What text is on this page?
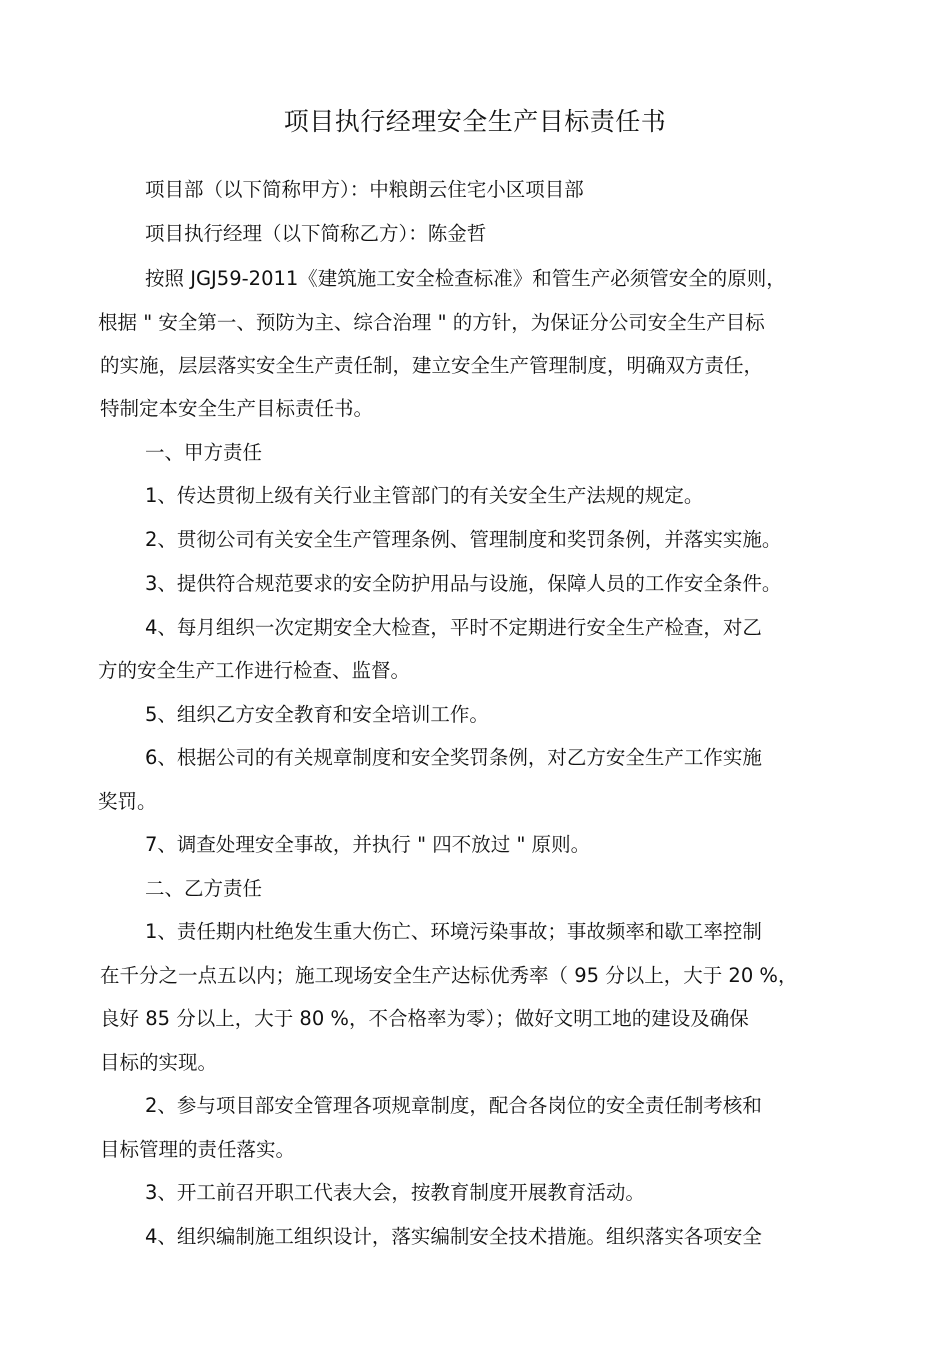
项目执行经理安全生产目标责任书
项目部（以下简称甲方）：中粮朗云住宅小区项目部
项目执行经理（以下简称乙方）：陈金哲
按照 JGJ59-2011《建筑施工安全检查标准》和管生产必须管安全的原则，
根据 " 安全第一、预防为主、综合治理 " 的方针，为保证分公司安全生产目标
的实施，层层落实安全生产责任制，建立安全生产管理制度，明确双方责任，
特制定本安全生产目标责任书。
一、甲方责任
1、传达贯彻上级有关行业主管部门的有关安全生产法规的规定。
2、贯彻公司有关安全生产管理条例、管理制度和奖罚条例，并落实实施。
3、提供符合规范要求的安全防护用品与设施，保障人员的工作安全条件。
4、每月组织一次定期安全大检查，平时不定期进行安全生产检查，对乙
方的安全生产工作进行检查、监督。
5、组织乙方安全教育和安全培训工作。
6、根据公司的有关规章制度和安全奖罚条例，对乙方安全生产工作实施
奖罚。
7、调查处理安全事故，并执行 " 四不放过 " 原则。
二、乙方责任
1、责任期内杜绝发生重大伤亡、环境污染事故；事故频率和歇工率控制
在千分之一点五以内；施工现场安全生产达标优秀率（ 95 分以上，大于 20 %，
良好 85 分以上，大于 80 %，不合格率为零）；做好文明工地的建设及确保
目标的实现。
2、参与项目部安全管理各项规章制度，配合各岗位的安全责任制考核和
目标管理的责任落实。
3、开工前召开职工代表大会，按教育制度开展教育活动。
4、组织编制施工组织设计，落实编制安全技术措施。组织落实各项安全
